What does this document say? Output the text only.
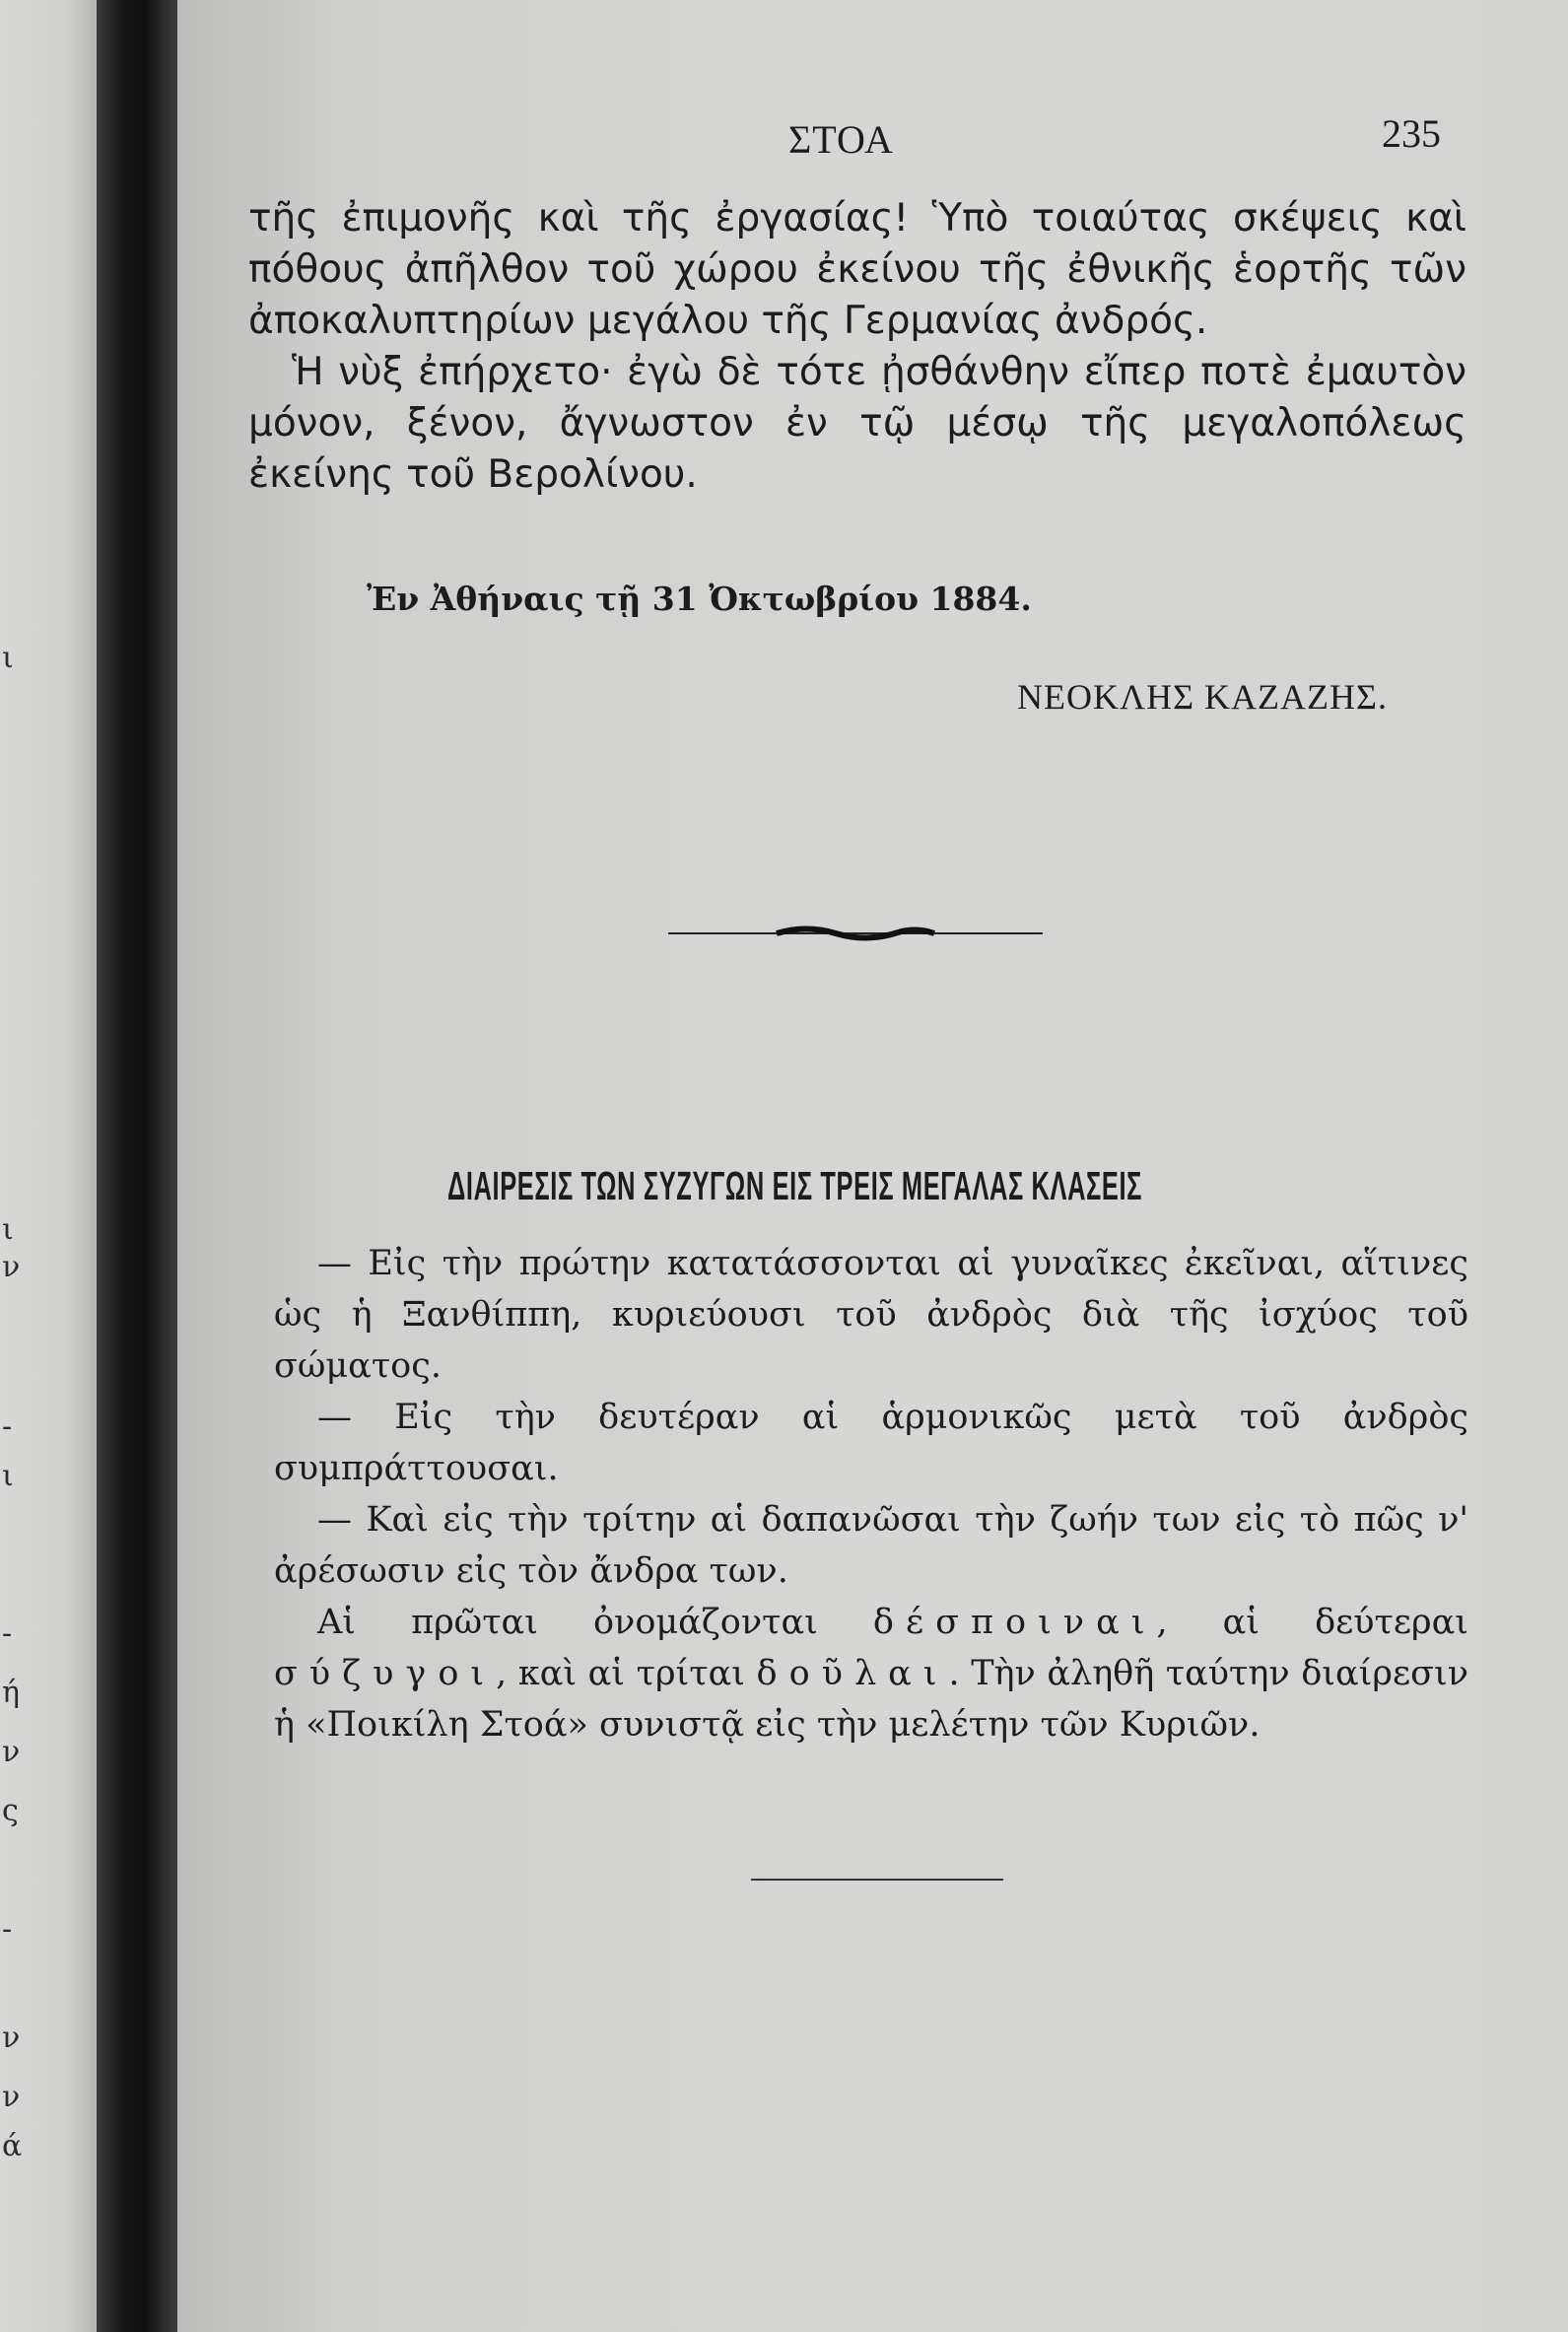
ι
ι
ν
-
ι
-
ή
ν
ς
-
ν
ν
ά
ΣΤΟΑ	235
τῆς ἐπιμονῆς καὶ τῆς ἐργασίας! Ὑπὸ τοιαύτας σκέψεις καὶ πόθους ἀπῆλθον τοῦ χώρου ἐκείνου τῆς ἐθνικῆς ἑορτῆς τῶν ἀποκαλυπτηρίων μεγάλου τῆς Γερμανίας ἀνδρός.
Ἡ νὺξ ἐπήρχετο· ἐγὼ δὲ τότε ᾐσθάνθην εἴπερ ποτὲ ἐμαυτὸν μόνον, ξένον, ἄγνωστον ἐν τῷ μέσῳ τῆς μεγαλοπόλεως ἐκείνης τοῦ Βερολίνου.
Ἐν Ἀθήναις τῇ 31 Ὀκτωβρίου 1884.
ΝΕΟΚΛΗΣ ΚΑΖΑΖΗΣ.
ΔΙΑΙΡΕΣΙΣ ΤΩΝ ΣΥΖΥΓΩΝ ΕΙΣ ΤΡΕΙΣ ΜΕΓΑΛΑΣ ΚΛΑΣΕΙΣ
— Εἰς τὴν πρώτην κατατάσσονται αἱ γυναῖκες ἐκεῖναι, αἵτινες ὡς ἡ Ξανθίππη, κυριεύουσι τοῦ ἀνδρὸς διὰ τῆς ἰσχύος τοῦ σώματος.
— Εἰς τὴν δευτέραν αἱ ἁρμονικῶς μετὰ τοῦ ἀνδρὸς συμπράττουσαι.
— Καὶ εἰς τὴν τρίτην αἱ δαπανῶσαι τὴν ζωήν των εἰς τὸ πῶς ν' ἀρέσωσιν εἰς τὸν ἄνδρα των.
Αἱ πρῶται ὀνομάζονται δέσποιναι, αἱ δεύτεραι σύζυγοι, καὶ αἱ τρίται δοῦλαι. Τὴν ἀληθῆ ταύτην διαίρεσιν ἡ «Ποικίλη Στοά» συνιστᾷ εἰς τὴν μελέτην τῶν Κυριῶν.
